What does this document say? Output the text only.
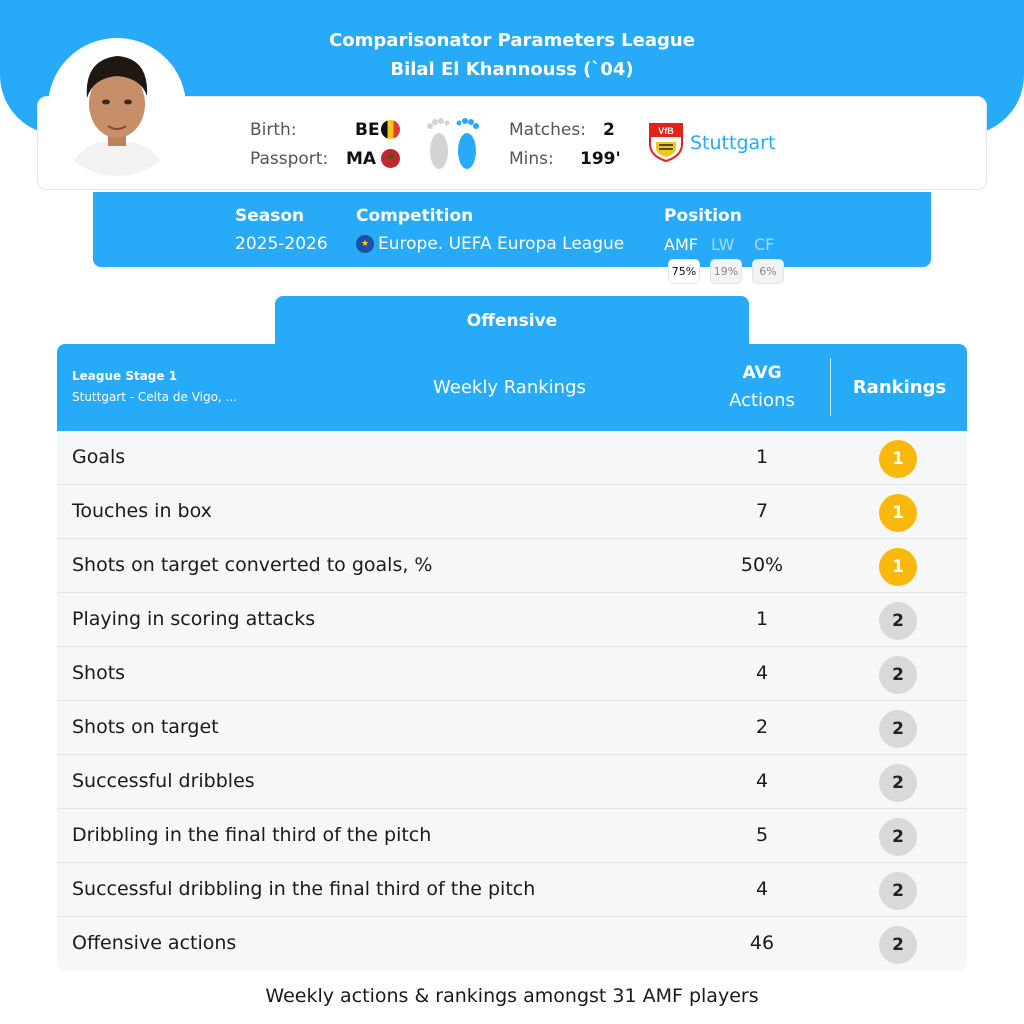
Comparisonator Parameters League
Bilal El Khannouss (`04)
Birth:	BE
Passport: MA ★
Matches: 2
Mins: 199'
VfB
Stuttgart
Season
2025-2026
Competition
★ Europe. UEFA Europa League
Position
AMF LW CF
75%	19%	6%
Offensive
League Stage 1
Stuttgart - Celta de Vigo, ...	Weekly Rankings
AVG
Actions
Rankings
Goals	1	1
Touches in box	7	1
Shots on target converted to goals, %	50%	1
Playing in scoring attacks	1	2
Shots	4	2
Shots on target	2	2
Successful dribbles	4	2
Dribbling in the final third of the pitch	5	2
Successful dribbling in the final third of the pitch	4	2
Offensive actions	46	2
Weekly actions & rankings amongst 31 AMF players
